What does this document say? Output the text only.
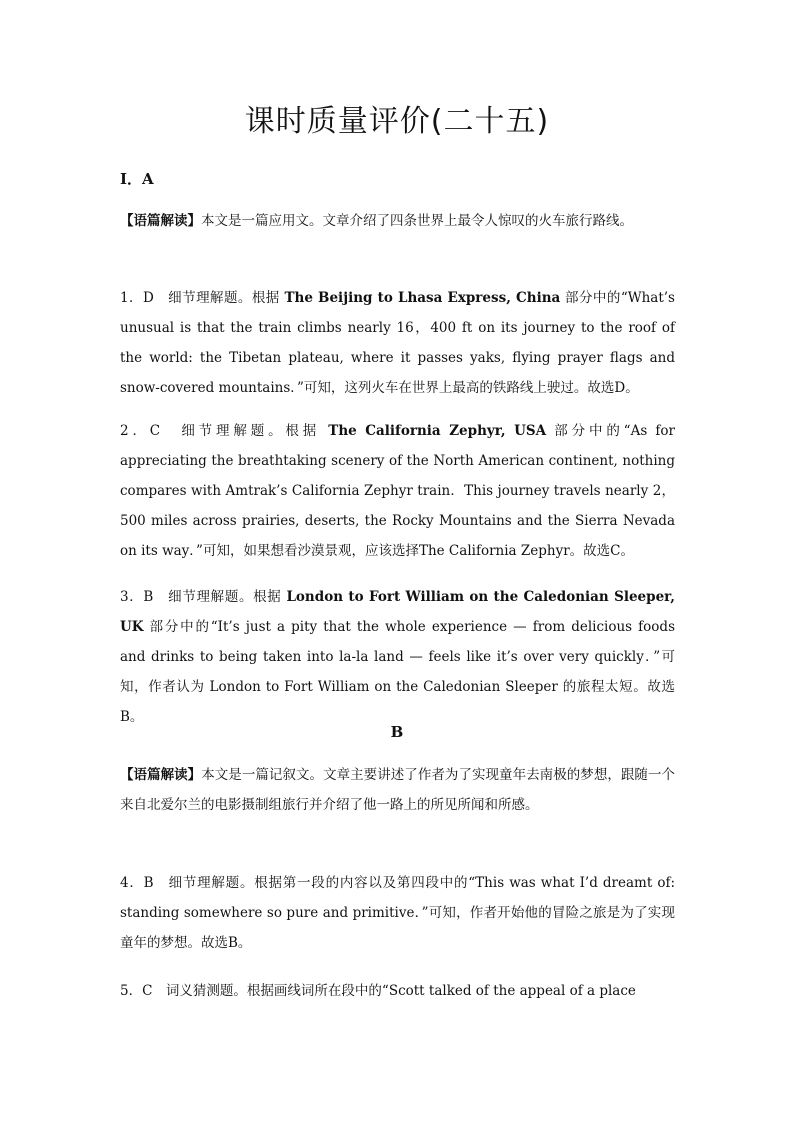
课时质量评价(二十五)
Ⅰ．A
【语篇解读】本文是一篇应用文。文章介绍了四条世界上最令人惊叹的火车旅行路线。
1．D　细节理解题。根据 The Beijing to Lhasa Express, China 部分中的“What’s unusual is that the train climbs nearly 16，400 ft on its journey to the roof of the world: the Tibetan plateau, where it passes yaks, flying prayer flags and snow-covered mountains．”可知，这列火车在世界上最高的铁路线上驶过。故选D。
2．C　细节理解题。根据 The California Zephyr, USA 部分中的“As for appreciating the breathtaking scenery of the North American continent, nothing compares with Amtrak’s California Zephyr train．This journey travels nearly 2，500 miles across prairies, deserts, the Rocky Mountains and the Sierra Nevada on its way．”可知，如果想看沙漠景观，应该选择The California Zephyr。故选C。
3．B　细节理解题。根据 London to Fort William on the Caledonian Sleeper, UK 部分中的“It’s just a pity that the whole experience — from delicious foods and drinks to being taken into la-la land — feels like it’s over very quickly．”可知，作者认为 London to Fort William on the Caledonian Sleeper 的旅程太短。故选B。
B
【语篇解读】本文是一篇记叙文。文章主要讲述了作者为了实现童年去南极的梦想，跟随一个来自北爱尔兰的电影摄制组旅行并介绍了他一路上的所见所闻和所感。
4．B　细节理解题。根据第一段的内容以及第四段中的“This was what I’d dreamt of: standing somewhere so pure and primitive．”可知，作者开始他的冒险之旅是为了实现童年的梦想。故选B。
5．C　词义猜测题。根据画线词所在段中的“Scott talked of the appeal of a place
